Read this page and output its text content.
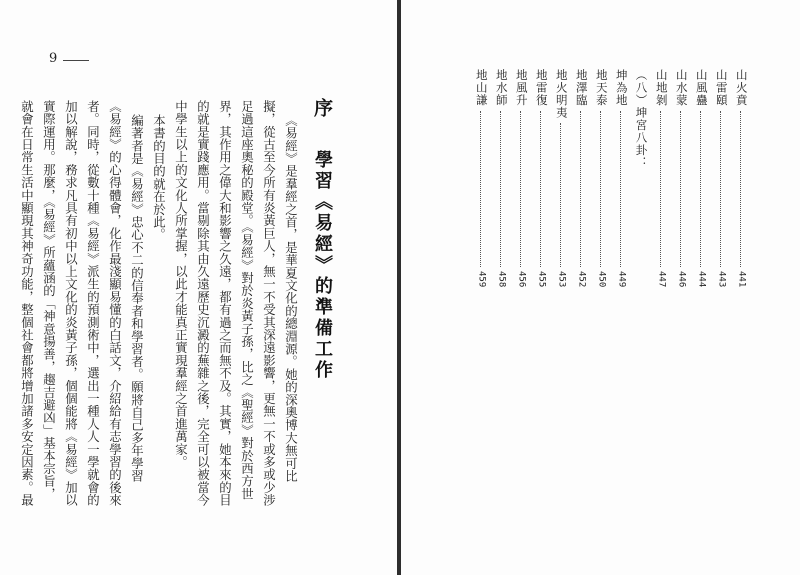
9
序
學習《易經》的準備工作
《易經》是羣經之首，是華夏文化的總淵源。她的深奧博大無可比
擬，從古至今所有炎黃巨人，無一不受其深遠影響，更無一不或多或少涉
足過這座奧秘的殿堂。《易經》對於炎黃子孫，比之《聖經》對於西方世
界，其作用之偉大和影響之久遠，都有過之而無不及。其實，她本來的目
的就是實踐應用。當剔除其由久遠歷史沉澱的蕪雜之後，完全可以被當今
中學生以上的文化人所掌握，以此才能真正實現羣經之首進萬家。
本書的目的就在於此。
編著者是《易經》忠心不二的信奉者和學習者。願將自己多年學習
《易經》的心得體會，化作最淺顯易懂的白話文，介紹給有志學習的後來
者。同時，從數十種《易經》派生的預測術中，選出一種人人一學就會的
加以解說，務求凡具有初中以上文化的炎黃子孫，個個能將《易經》加以
實際運用。那麼，《易經》所蘊涵的「神意揚善，趨吉避凶」基本宗旨，
就會在日常生活中顯現其神奇功能，整個社會都將增加諸多安定因素。最
山火賁
441
山雷頤
443
山風蠱
444
山水蒙
446
山地剝
447
（八）坤宮八卦：
坤為地
449
地天泰
450
地澤臨
452
地火明夷
453
地雷復
455
地風升
456
地水師
458
地山謙
459
